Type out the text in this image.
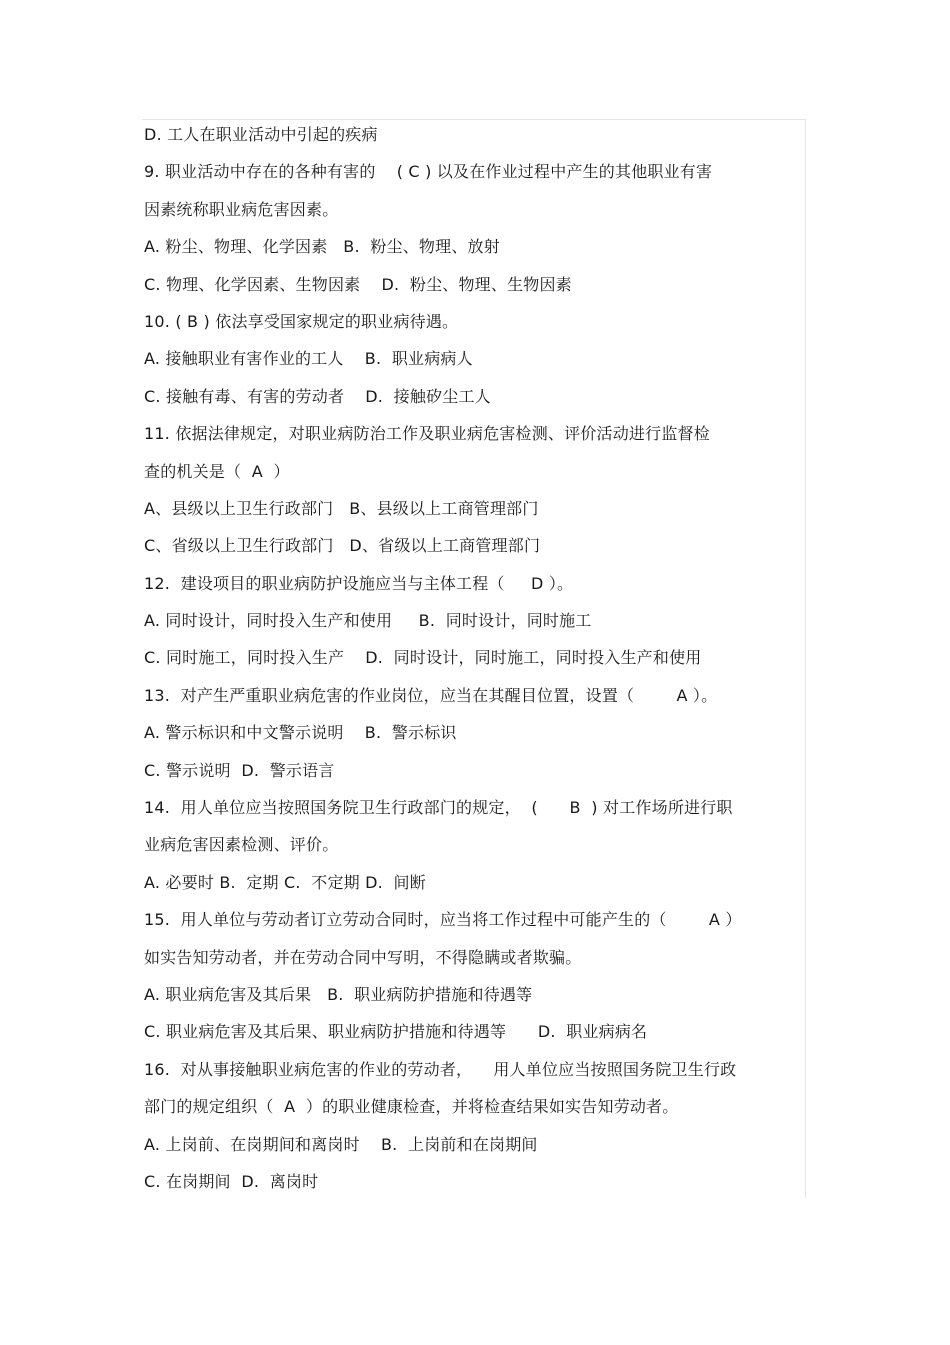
D. 工人在职业活动中引起的疾病
9. 职业活动中存在的各种有害的    ( C ) 以及在作业过程中产生的其他职业有害
因素统称职业病危害因素。
A. 粉尘、物理、化学因素   B.  粉尘、物理、放射
C. 物理、化学因素、生物因素    D.  粉尘、物理、生物因素
10. ( B ) 依法享受国家规定的职业病待遇。
A. 接触职业有害作业的工人    B.  职业病病人
C. 接触有毒、有害的劳动者    D.  接触矽尘工人
11. 依据法律规定，对职业病防治工作及职业病危害检测、评价活动进行监督检
查的机关是（  A  ）
A、县级以上卫生行政部门   B、县级以上工商管理部门
C、省级以上卫生行政部门   D、省级以上工商管理部门
12.  建设项目的职业病防护设施应当与主体工程（     D ）。
A. 同时设计，同时投入生产和使用     B.  同时设计，同时施工
C. 同时施工，同时投入生产    D.  同时设计，同时施工，同时投入生产和使用
13.  对产生严重职业病危害的作业岗位，应当在其醒目位置，设置（        A ）。
A. 警示标识和中文警示说明    B.  警示标识
C. 警示说明  D.  警示语言
14.  用人单位应当按照国务院卫生行政部门的规定，  (      B  ) 对工作场所进行职
业病危害因素检测、评价。
A. 必要时 B.  定期 C.  不定期 D.  间断
15.  用人单位与劳动者订立劳动合同时，应当将工作过程中可能产生的（        A ）
如实告知劳动者，并在劳动合同中写明，不得隐瞒或者欺骗。
A. 职业病危害及其后果   B.  职业病防护措施和待遇等
C. 职业病危害及其后果、职业病防护措施和待遇等      D.  职业病病名
16.  对从事接触职业病危害的作业的劳动者，    用人单位应当按照国务院卫生行政
部门的规定组织（  A  ）的职业健康检查，并将检查结果如实告知劳动者。
A. 上岗前、在岗期间和离岗时    B.  上岗前和在岗期间
C. 在岗期间  D.  离岗时
